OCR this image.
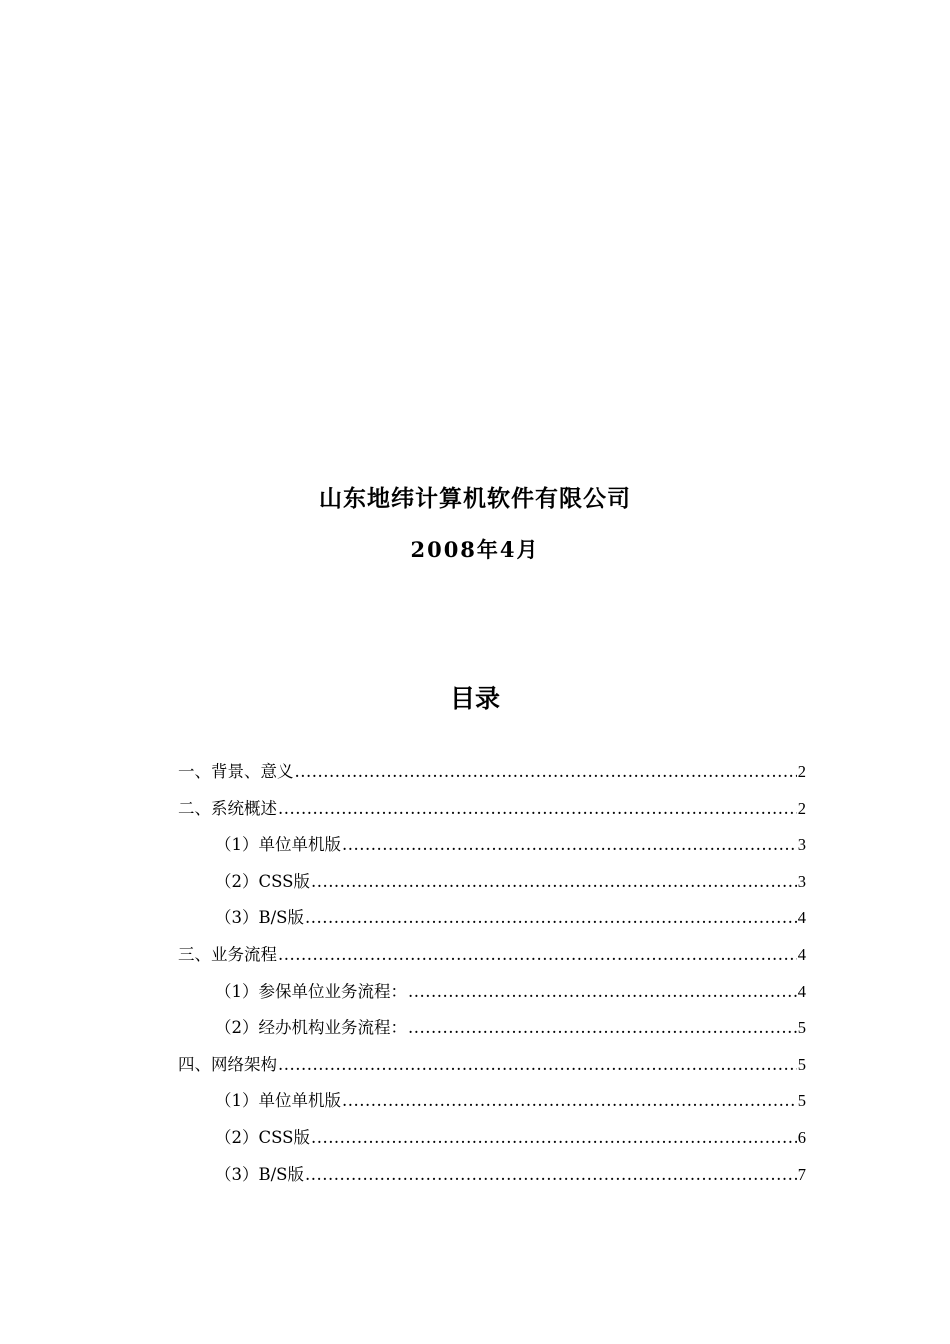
山东地纬计算机软件有限公司
2008年4月
目录
一、背景、意义 .....	2
二、系统概述 .....	2
（1）单位单机版 .....	3
（2）CSS版 .....	3
（3）B/S版 .....	4
三、业务流程 .....	4
（1）参保单位业务流程： .....	4
（2）经办机构业务流程： .....	5
四、网络架构 .....	5
（1）单位单机版 .....	5
（2）CSS版 .....	6
（3）B/S版 .....	7
